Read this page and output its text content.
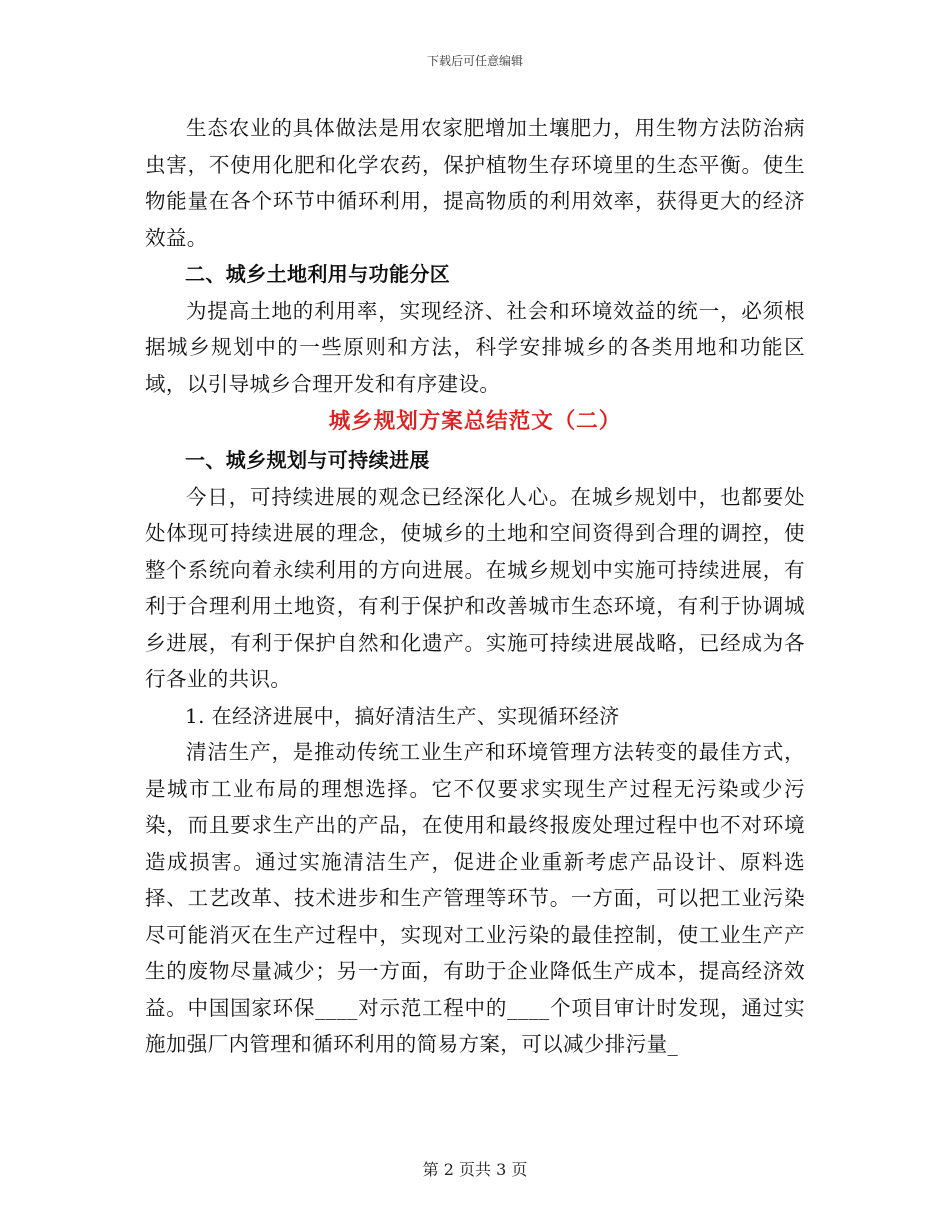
下载后可任意编辑

生态农业的具体做法是用农家肥增加土壤肥力，用生物方法防治病虫害，不使用化肥和化学农药，保护植物生存环境里的生态平衡。使生物能量在各个环节中循环利用，提高物质的利用效率，获得更大的经济效益。

二、城乡土地利用与功能分区

为提高土地的利用率，实现经济、社会和环境效益的统一，必须根据城乡规划中的一些原则和方法，科学安排城乡的各类用地和功能区域，以引导城乡合理开发和有序建设。

城乡规划方案总结范文（二）

一、城乡规划与可持续进展

今日，可持续进展的观念已经深化人心。在城乡规划中，也都要处处体现可持续进展的理念，使城乡的土地和空间资得到合理的调控，使整个系统向着永续利用的方向进展。在城乡规划中实施可持续进展，有利于合理利用土地资，有利于保护和改善城市生态环境，有利于协调城乡进展，有利于保护自然和化遗产。实施可持续进展战略，已经成为各行各业的共识。

1. 在经济进展中，搞好清洁生产、实现循环经济

清洁生产，是推动传统工业生产和环境管理方法转变的最佳方式，是城市工业布局的理想选择。它不仅要求实现生产过程无污染或少污染，而且要求生产出的产品，在使用和最终报废处理过程中也不对环境造成损害。通过实施清洁生产，促进企业重新考虑产品设计、原料选择、工艺改革、技术进步和生产管理等环节。一方面，可以把工业污染尽可能消灭在生产过程中，实现对工业污染的最佳控制，使工业生产产生的废物尽量减少；另一方面，有助于企业降低生产成本，提高经济效益。中国国家环保____对示范工程中的____个项目审计时发现，通过实施加强厂内管理和循环利用的简易方案，可以减少排污量_

第 2 页共 3 页
